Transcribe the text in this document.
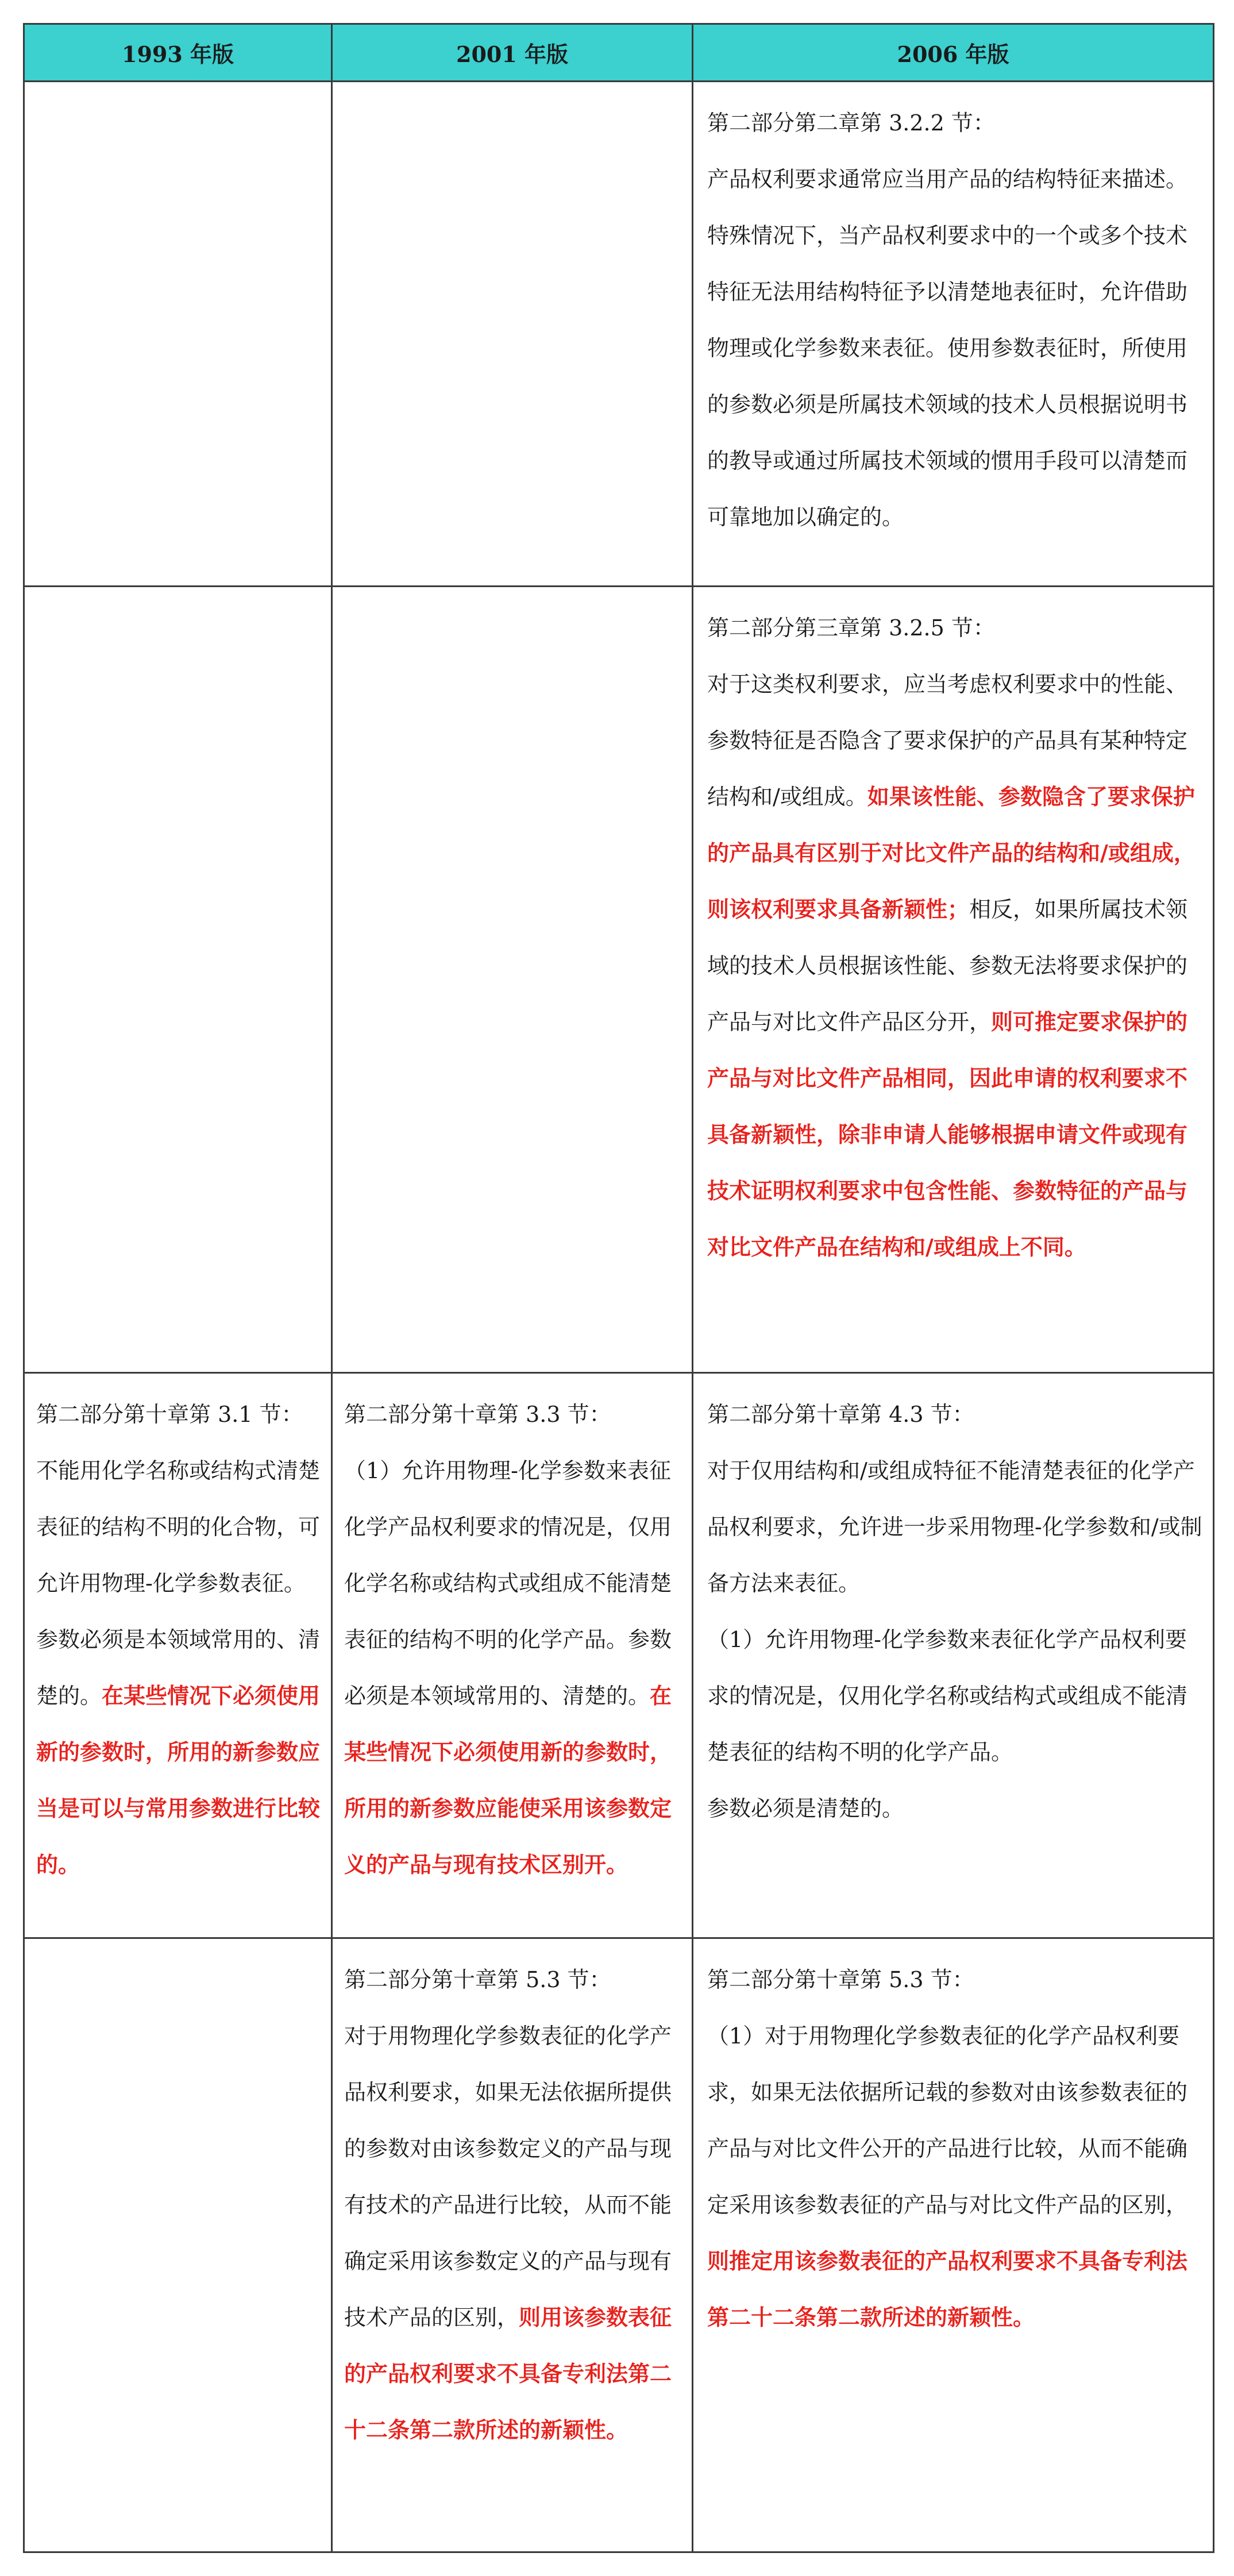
1993 年版	2001 年版	2006 年版
		第二部分第二章第 3.2.2 节：
产品权利要求通常应当用产品的结构特征来描述。特殊情况下，当产品权利要求中的一个或多个技术特征无法用结构特征予以清楚地表征时，允许借助物理或化学参数来表征。使用参数表征时，所使用的参数必须是所属技术领域的技术人员根据说明书的教导或通过所属技术领域的惯用手段可以清楚而可靠地加以确定的。
		第二部分第三章第 3.2.5 节：
对于这类权利要求，应当考虑权利要求中的性能、参数特征是否隐含了要求保护的产品具有某种特定结构和/或组成。如果该性能、参数隐含了要求保护的产品具有区别于对比文件产品的结构和/或组成，则该权利要求具备新颖性；相反，如果所属技术领域的技术人员根据该性能、参数无法将要求保护的产品与对比文件产品区分开，则可推定要求保护的产品与对比文件产品相同，因此申请的权利要求不具备新颖性，除非申请人能够根据申请文件或现有技术证明权利要求中包含性能、参数特征的产品与对比文件产品在结构和/或组成上不同。
第二部分第十章第 3.1 节：
不能用化学名称或结构式清楚表征的结构不明的化合物，可允许用物理-化学参数表征。参数必须是本领域常用的、清楚的。在某些情况下必须使用新的参数时，所用的新参数应当是可以与常用参数进行比较的。	第二部分第十章第 3.3 节：
（1）允许用物理-化学参数来表征化学产品权利要求的情况是，仅用化学名称或结构式或组成不能清楚表征的结构不明的化学产品。参数必须是本领域常用的、清楚的。在某些情况下必须使用新的参数时，所用的新参数应能使采用该参数定义的产品与现有技术区别开。	第二部分第十章第 4.3 节：
对于仅用结构和/或组成特征不能清楚表征的化学产品权利要求，允许进一步采用物理-化学参数和/或制备方法来表征。
（1）允许用物理-化学参数来表征化学产品权利要求的情况是，仅用化学名称或结构式或组成不能清楚表征的结构不明的化学产品。
参数必须是清楚的。
	第二部分第十章第 5.3 节：
对于用物理化学参数表征的化学产品权利要求，如果无法依据所提供的参数对由该参数定义的产品与现有技术的产品进行比较，从而不能确定采用该参数定义的产品与现有技术产品的区别，则用该参数表征的产品权利要求不具备专利法第二十二条第二款所述的新颖性。	第二部分第十章第 5.3 节：
（1）对于用物理化学参数表征的化学产品权利要求，如果无法依据所记载的参数对由该参数表征的产品与对比文件公开的产品进行比较，从而不能确定采用该参数表征的产品与对比文件产品的区别，则推定用该参数表征的产品权利要求不具备专利法第二十二条第二款所述的新颖性。
